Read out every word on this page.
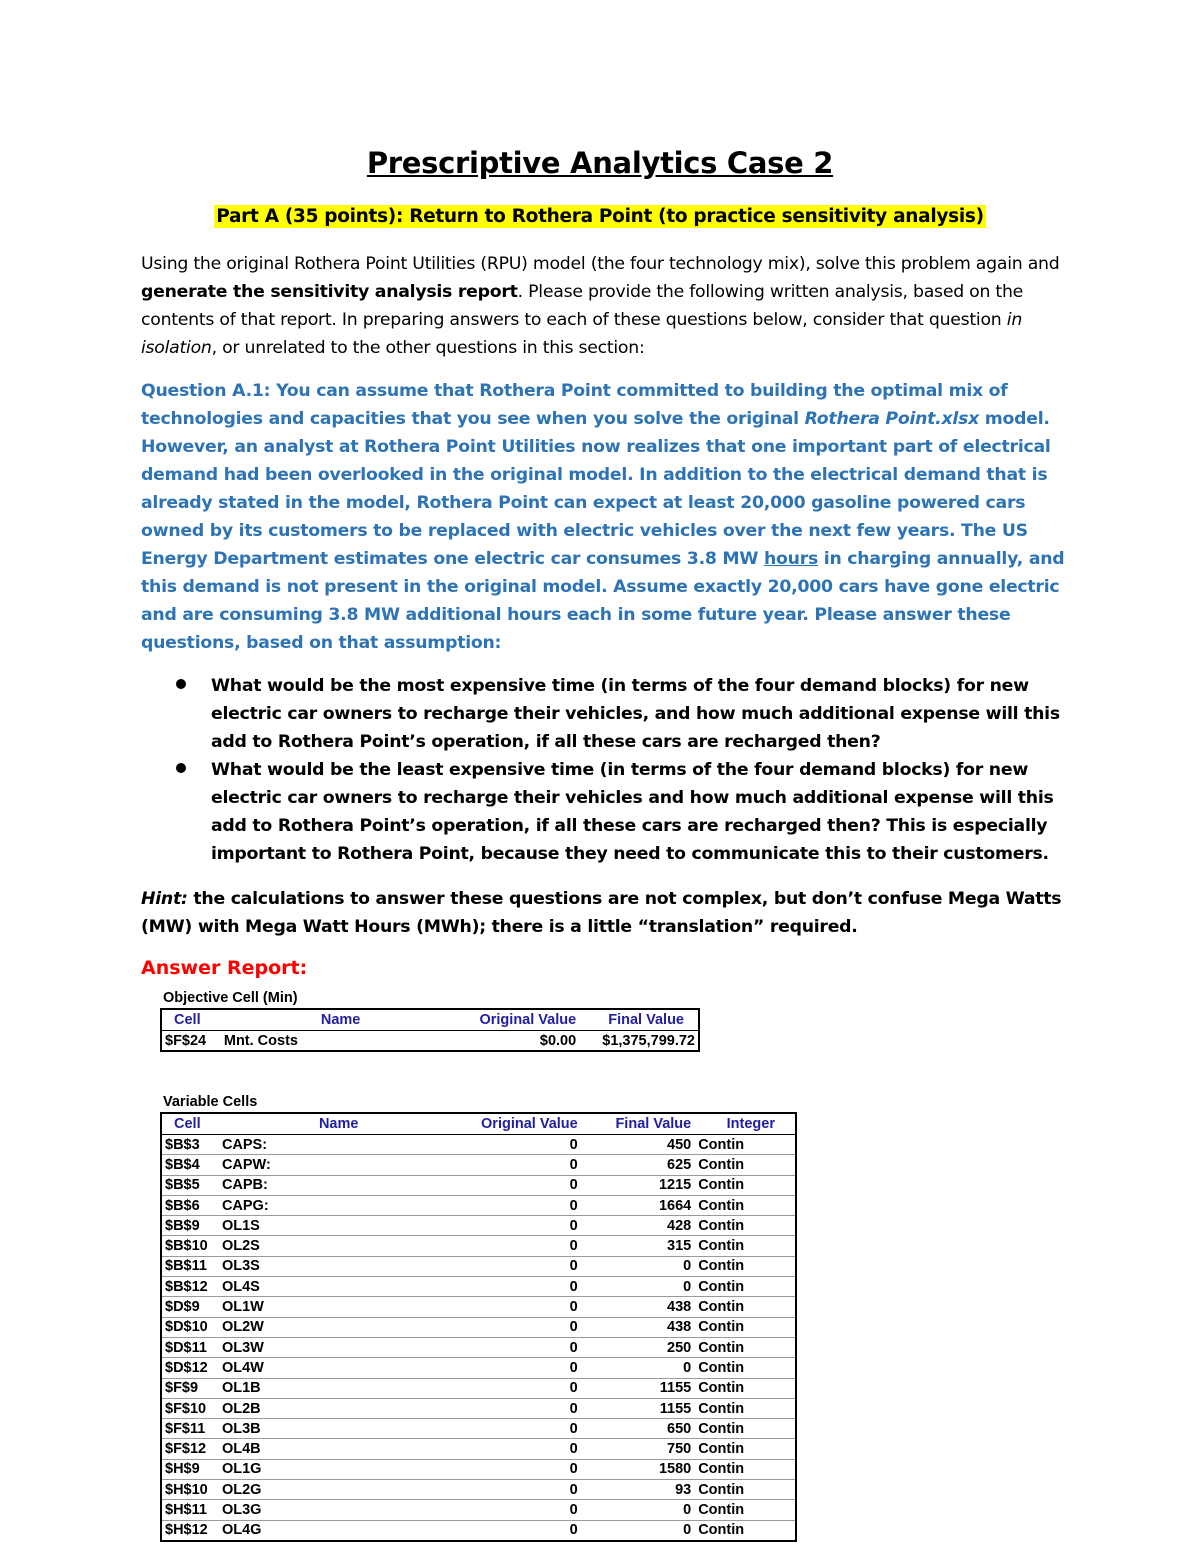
Prescriptive Analytics Case 2
Part A (35 points): Return to Rothera Point (to practice sensitivity analysis)

Using the original Rothera Point Utilities (RPU) model (the four technology mix), solve this problem again and generate the sensitivity analysis report. Please provide the following written analysis, based on the contents of that report. In preparing answers to each of these questions below, consider that question in isolation, or unrelated to the other questions in this section:

Question A.1: You can assume that Rothera Point committed to building the optimal mix of technologies and capacities that you see when you solve the original Rothera Point.xlsx model. However, an analyst at Rothera Point Utilities now realizes that one important part of electrical demand had been overlooked in the original model. In addition to the electrical demand that is already stated in the model, Rothera Point can expect at least 20,000 gasoline powered cars owned by its customers to be replaced with electric vehicles over the next few years. The US Energy Department estimates one electric car consumes 3.8 MW hours in charging annually, and this demand is not present in the original model. Assume exactly 20,000 cars have gone electric and are consuming 3.8 MW additional hours each in some future year. Please answer these questions, based on that assumption:

What would be the most expensive time (in terms of the four demand blocks) for new electric car owners to recharge their vehicles, and how much additional expense will this add to Rothera Point’s operation, if all these cars are recharged then?

What would be the least expensive time (in terms of the four demand blocks) for new electric car owners to recharge their vehicles and how much additional expense will this add to Rothera Point’s operation, if all these cars are recharged then? This is especially important to Rothera Point, because they need to communicate this to their customers.

Hint: the calculations to answer these questions are not complex, but don’t confuse Mega Watts (MW) with Mega Watt Hours (MWh); there is a little “translation” required.

Answer Report:
Objective Cell (Min)
Cell	Name	Original Value	Final Value
$F$24	Mnt. Costs	$0.00	$1,375,799.72
Variable Cells
Cell	Name	Original Value	Final Value	Integer
$B$3	CAPS:	0	450	Contin
$B$4	CAPW:	0	625	Contin
$B$5	CAPB:	0	1215	Contin
$B$6	CAPG:	0	1664	Contin
$B$9	OL1S	0	428	Contin
$B$10	OL2S	0	315	Contin
$B$11	OL3S	0	0	Contin
$B$12	OL4S	0	0	Contin
$D$9	OL1W	0	438	Contin
$D$10	OL2W	0	438	Contin
$D$11	OL3W	0	250	Contin
$D$12	OL4W	0	0	Contin
$F$9	OL1B	0	1155	Contin
$F$10	OL2B	0	1155	Contin
$F$11	OL3B	0	650	Contin
$F$12	OL4B	0	750	Contin
$H$9	OL1G	0	1580	Contin
$H$10	OL2G	0	93	Contin
$H$11	OL3G	0	0	Contin
$H$12	OL4G	0	0	Contin
